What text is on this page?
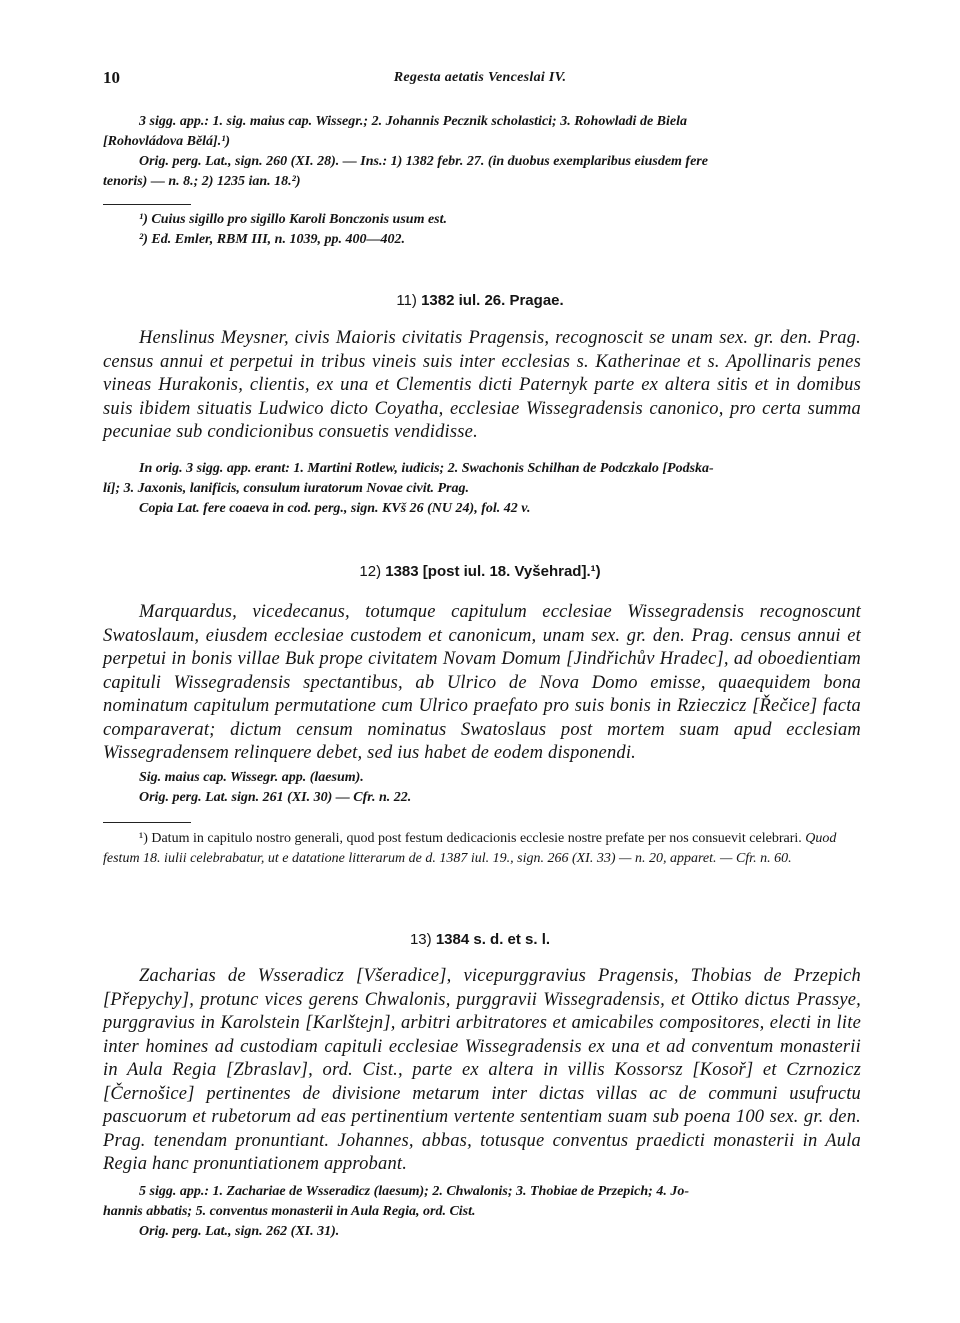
10	Regesta aetatis Venceslai IV.

3 sigg. app.: 1. sig. maius cap. Wissegr.; 2. Johannis Pecznik scholastici; 3. Rohowladi de Biela

[Rohovládova Bělá].¹)

Orig. perg. Lat., sign. 260 (XI. 28). — Ins.: 1) 1382 febr. 27. (in duobus exemplaribus eiusdem fere

tenoris) — n. 8.; 2) 1235 ian. 18.²)

¹) Cuius sigillo pro sigillo Karoli Bonczonis usum est.

²) Ed. Emler, RBM III, n. 1039, pp. 400—402.

11) 1382 iul. 26. Pragae.

Henslinus Meysner, civis Maioris civitatis Pragensis, recognoscit se unam sex. gr. den. Prag. census annui et perpetui in tribus vineis suis inter ecclesias s. Katherinae et s. Apollinaris penes vineas Hurakonis, clientis, ex una et Clementis dicti Paternyk parte ex altera sitis et in domibus suis ibidem situatis Ludwico dicto Coyatha, ecclesiae Wissegradensis canonico, pro certa summa pecuniae sub condicionibus consuetis vendidisse.

In orig. 3 sigg. app. erant: 1. Martini Rotlew, iudicis; 2. Swachonis Schilhan de Podczkalo [Podska-

lí]; 3. Jaxonis, lanificis, consulum iuratorum Novae civit. Prag.

Copia Lat. fere coaeva in cod. perg., sign. KVš 26 (NU 24), fol. 42 v.

12) 1383 [post iul. 18. Vyšehrad].¹)

Marquardus, vicedecanus, totumque capitulum ecclesiae Wissegradensis recognoscunt Swatoslaum, eiusdem ecclesiae custodem et canonicum, unam sex. gr. den. Prag. census annui et perpetui in bonis villae Buk prope civitatem Novam Domum [Jindřichův Hradec], ad oboedientiam capituli Wissegradensis spectantibus, ab Ulrico de Nova Domo emisse, quaequidem bona nominatum capitulum permutatione cum Ulrico praefato pro suis bonis in Rzieczicz [Řečice] facta comparaverat; dictum censum nominatus Swatoslaus post mortem suam apud ecclesiam Wissegradensem relinquere debet, sed ius habet de eodem disponendi.

Sig. maius cap. Wissegr. app. (laesum).

Orig. perg. Lat. sign. 261 (XI. 30) — Cfr. n. 22.

¹) Datum in capitulo nostro generali, quod post festum dedicacionis ecclesie nostre prefate per nos consuevit celebrari. Quod festum 18. iulii celebrabatur, ut e datatione litterarum de d. 1387 iul. 19., sign. 266 (XI. 33) — n. 20, apparet. — Cfr. n. 60.

13) 1384 s. d. et s. l.

Zacharias de Wsseradicz [Všeradice], vicepurggravius Pragensis, Thobias de Przepich [Přepychy], protunc vices gerens Chwalonis, purggravii Wissegradensis, et Ottiko dictus Prassye, purggravius in Karolstein [Karlštejn], arbitri arbitratores et amicabiles compositores, electi in lite inter homines ad custodiam capituli ecclesiae Wissegradensis ex una et ad conventum monasterii in Aula Regia [Zbraslav], ord. Cist., parte ex altera in villis Kossorsz [Kosoř] et Czrnozicz [Černošice] pertinentes de divisione metarum inter dictas villas ac de communi usufructu pascuorum et rubetorum ad eas pertinentium vertente sententiam suam sub poena 100 sex. gr. den. Prag. tenendam pronuntiant. Johannes, abbas, totusque conventus praedicti monasterii in Aula Regia hanc pronuntiationem approbant.

5 sigg. app.: 1. Zachariae de Wsseradicz (laesum); 2. Chwalonis; 3. Thobiae de Przepich; 4. Jo-

hannis abbatis; 5. conventus monasterii in Aula Regia, ord. Cist.

Orig. perg. Lat., sign. 262 (XI. 31).
